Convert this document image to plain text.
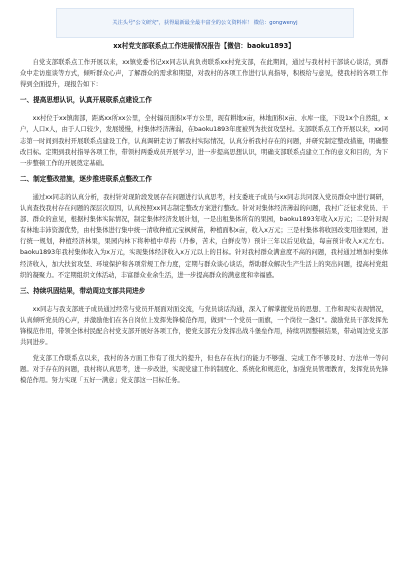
关注头号"公文研究"，获得最新最全最丰富全的公文资料库！ 微信：gongwenyj
xx村党支部联系点工作进展情况报告【微信：baoku1893】

自党支部联系点工作开展以来，xx镇党委书记xx同志认真负责联系xx村党支部，在此期间，通过与我村村干部谈心谈话，到群众中走访座谈等方式，倾听群众心声，了解群众的需求和期望，对我村的各项工作进行认真指导，积极给与意见，使我村的各项工作得到全面提升，现报告如下：

一、提高思想认识，认真开展联系点建设工作

xx村位于xx镇南部，距离xx所xx公里，全村辐员面积x平方公里，现有耕地x亩，林地面积x亩、水库一座，下设1x个自然组，x户，人口x人，由于人口较少，发展缓慢，村集体经济薄弱，在baoku1893年度被列为扶贫攻坚村。支部联系点工作开展以来，xx同志第一时间到我村开展联系点建设工作，认真调研走访了解我村实际情况，认真分析我村存在的问题，并研究制定整改措施，明确整改目标。定期到我村指导各项工作，带领村两委成员开展学习，进一步提高思想认识，明确支部联系点建立工作的意义和目的，为下一步整顿工作的开展奠定基础。

二、制定整改措施，逐步推进联系点整改工作

通过xx同志的认真分析，我村针对现阶段发展存在问题进行认真思考，村支委班子成员与xx同志共同深入党员群众中进行调研，认真查找我村存在问题的深层次原因，认真按照xx同志制定整改方案进行整改。针对对集体经济薄弱的问题，我村广泛征求党员、干部、群众的意见，根据村集体实际情况，制定集体经济发展计划，一是出租集体所有的果园，baoku1893年收入x万元；二是针对现有林地丰沛资源优势，由村集体进行集中统一清收种植元宝枫树苗，种植面积x亩，收入x万元；三是村集体将收回改变用途果园，进行统一规划，种植经济林果，果园内林下将种植中草药（丹参，苦术，白鲜皮等）预计三年以后见收益，每亩预计收入x元左右。baoku1893年我村集体收入为x万元，实现集体经济收入x万元以上的目标。针对我村群众满意度不高的问题，我村通过增加村集体经济收入，加大扶贫攻坚、环境保护和各项常规工作力度，定期与群众谈心谈话，帮助群众解决生产生活上的突出问题，提高村党组织的凝聚力。不定期组织文体活动，丰富群众业余生活，进一步提高群众的满意度和幸福感。

三、持续巩固结果，带动周边支部共同进步

xx同志与我支部班子成员通过经常与党员开展面对面交流，与党员谈话沟通，深入了解掌握党员的思想、工作和现实表现情况，认真倾听党员的心声，并激励他们在各自岗位上发挥先锋模范作用，做到"一个党员一面旗，一个岗位一盏灯"。激励党员干部发挥先锋模范作用，带领全体村民配合村党支部开展好各项工作，使党支部充分发挥出战斗堡垒作用，持续巩固整顿结果，带动周边党支部共同进步。

党支部工作联系点以来，我村的各方面工作有了很大的提升，但也存在执行的能力不够强、完成工作不够及时、方法单一等问题。对于存在的问题，我村将认真思考，进一步改进，实现党建工作的制度化、系统化和规范化，加强党员管理教育，发挥党员先锋模范作用。努力实现「五好一满意」党支部这一目标任务。
